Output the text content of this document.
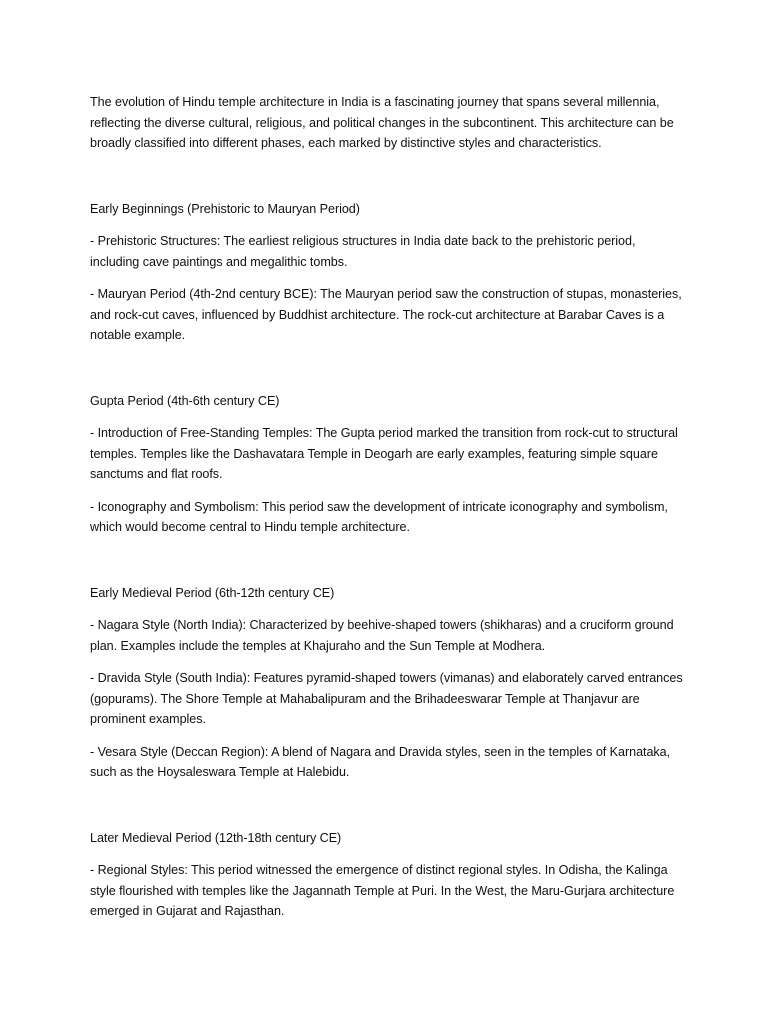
The evolution of Hindu temple architecture in India is a fascinating journey that spans several millennia, reflecting the diverse cultural, religious, and political changes in the subcontinent. This architecture can be broadly classified into different phases, each marked by distinctive styles and characteristics.

Early Beginnings (Prehistoric to Mauryan Period)

- Prehistoric Structures: The earliest religious structures in India date back to the prehistoric period, including cave paintings and megalithic tombs.

- Mauryan Period (4th-2nd century BCE): The Mauryan period saw the construction of stupas, monasteries, and rock-cut caves, influenced by Buddhist architecture. The rock-cut architecture at Barabar Caves is a notable example.

Gupta Period (4th-6th century CE)

- Introduction of Free-Standing Temples: The Gupta period marked the transition from rock-cut to structural temples. Temples like the Dashavatara Temple in Deogarh are early examples, featuring simple square sanctums and flat roofs.

- Iconography and Symbolism: This period saw the development of intricate iconography and symbolism, which would become central to Hindu temple architecture.

Early Medieval Period (6th-12th century CE)

- Nagara Style (North India): Characterized by beehive-shaped towers (shikharas) and a cruciform ground plan. Examples include the temples at Khajuraho and the Sun Temple at Modhera.

- Dravida Style (South India): Features pyramid-shaped towers (vimanas) and elaborately carved entrances (gopurams). The Shore Temple at Mahabalipuram and the Brihadeeswarar Temple at Thanjavur are prominent examples.

- Vesara Style (Deccan Region): A blend of Nagara and Dravida styles, seen in the temples of Karnataka, such as the Hoysaleswara Temple at Halebidu.

Later Medieval Period (12th-18th century CE)

- Regional Styles: This period witnessed the emergence of distinct regional styles. In Odisha, the Kalinga style flourished with temples like the Jagannath Temple at Puri. In the West, the Maru-Gurjara architecture emerged in Gujarat and Rajasthan.
